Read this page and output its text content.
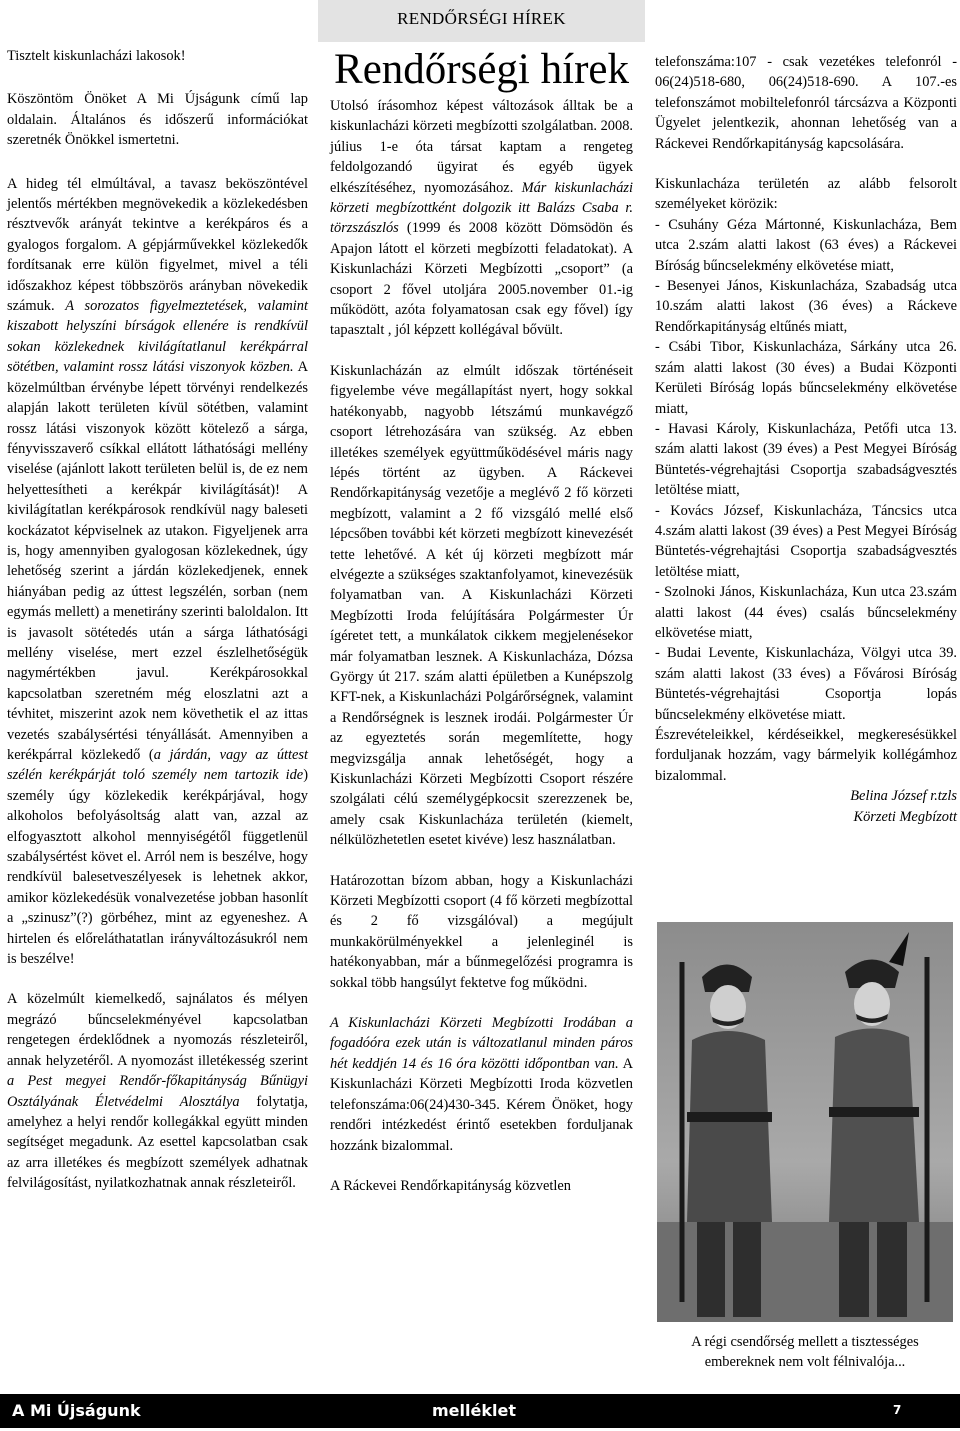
RENDŐRSÉGI HÍREK

Tisztelt kiskunlacházi lakosok!

Köszöntöm Önöket A Mi Újságunk című lap oldalain. Általános és időszerű információkat szeretnék Önökkel ismertetni.

A hideg tél elmúltával, a tavasz beköszöntével jelentős mértékben megnövekedik a közlekedésben résztvevők arányát tekintve a kerékpáros és a gyalogos forgalom. A gépjárművekkel közlekedők fordítsanak erre külön figyelmet, mivel a téli időszakhoz képest többszörös arányban növekedik számuk. A sorozatos figyelmeztetések, valamint kiszabott helyszíni bírságok ellenére is rendkívül sokan közlekednek kivilágítatlanul kerékpárral sötétben, valamint rossz látási viszonyok közben. A közelmúltban érvénybe lépett törvényi rendelkezés alapján lakott területen kívül sötétben, valamint rossz látási viszonyok között kötelező a sárga, fényvisszaverő csíkkal ellátott láthatósági mellény viselése (ajánlott lakott területen belül is, de ez nem helyettesítheti a kerékpár kivilágítását)! A kivilágítatlan kerékpárosok rendkívül nagy baleseti kockázatot képviselnek az utakon. Figyeljenek arra is, hogy amennyiben gyalogosan közlekednek, úgy lehetőség szerint a járdán közlekedjenek, ennek hiányában pedig az úttest legszélén, sorban (nem egymás mellett) a menetirány szerinti baloldalon. Itt is javasolt sötétedés után a sárga láthatósági mellény viselése, mert ezzel észlelhetőségük nagymértékben javul. Kerékpárosokkal kapcsolatban szeretném még eloszlatni azt a tévhitet, miszerint azok nem követhetik el az ittas vezetés szabálysértési tényállását. Amennyiben a kerékpárral közlekedő (a járdán, vagy az úttest szélén kerékpárját toló személy nem tartozik ide) személy úgy közlekedik kerékpárjával, hogy alkoholos befolyásoltság alatt van, azzal az elfogyasztott alkohol mennyiségétől függetlenül szabálysértést követ el. Arról nem is beszélve, hogy rendkívül balesetveszélyesek is lehetnek akkor, amikor közlekedésük vonalvezetése jobban hasonlít a „szinusz”(?) görbéhez, mint az egyeneshez. A hirtelen és előreláthatatlan irányváltozásukról nem is beszélve!

A közelmúlt kiemelkedő, sajnálatos és mélyen megrázó bűncselekményével kapcsolatban rengetegen érdeklődnek a nyomozás részleteiről, annak helyzetéről. A nyomozást illetékesség szerint a Pest megyei Rendőr-főkapitányság Bűnügyi Osztályának Életvédelmi Alosztálya folytatja, amelyhez a helyi rendőr kollegákkal együtt minden segítséget megadunk. Az esettel kapcsolatban csak az arra illetékes és megbízott személyek adhatnak felvilágosítást, nyilatkozhatnak annak részleteiről.

Rendőrségi hírek

Utolsó írásomhoz képest változások álltak be a kiskunlacházi körzeti megbízotti szolgálatban. 2008. július 1-e óta társat kaptam a rengeteg feldolgozandó ügyirat és egyéb ügyek elkészítéséhez, nyomozásához. Már kiskunlacházi körzeti megbízottként dolgozik itt Balázs Csaba r. törzszászlós (1999 és 2008 között Dömsödön és Apajon látott el körzeti megbízotti feladatokat). A Kiskunlacházi Körzeti Megbízotti „csoport” (a csoport 2 fővel utoljára 2005.november 01.-ig működött, azóta folyamatosan csak egy fővel) így tapasztalt , jól képzett kollégával bővült.

Kiskunlacházán az elmúlt időszak történéseit figyelembe véve megállapítást nyert, hogy sokkal hatékonyabb, nagyobb létszámú munkavégző csoport létrehozására van szükség. Az ebben illetékes személyek együttműködésével máris nagy lépés történt az ügyben. A Ráckevei Rendőrkapitányság vezetője a meglévő 2 fő körzeti megbízott, valamint a 2 fő vizsgáló mellé első lépcsőben további két körzeti megbízott kinevezését tette lehetővé. A két új körzeti megbízott már elvégezte a szükséges szaktanfolyamot, kinevezésük folyamatban van. A Kiskunlacházi Körzeti Megbízotti Iroda felújítására Polgármester Úr ígéretet tett, a munkálatok cikkem megjelenésekor már folyamatban lesznek. A Kiskunlacháza, Dózsa György út 217. szám alatti épületben a Kunépszolg KFT-nek, a Kiskunlacházi Polgárőrségnek, valamint a Rendőrségnek is lesznek irodái. Polgármester Úr az egyeztetés során megemlítette, hogy megvizsgálja annak lehetőségét, hogy a Kiskunlacházi Körzeti Megbízotti Csoport részére szolgálati célú személygépkocsit szerezzenek be, amely csak Kiskunlacháza területén (kiemelt, nélkülözhetetlen esetet kivéve) lesz használatban.

Határozottan bízom abban, hogy a Kiskunlacházi Körzeti Megbízotti csoport (4 fő körzeti megbízottal és 2 fő vizsgálóval) a megújult munkakörülményekkel a jelenleginél is hatékonyabban, már a bűnmegelőzési programra is sokkal több hangsúlyt fektetve fog működni.

A Kiskunlacházi Körzeti Megbízotti Irodában a fogadóóra ezek után is változatlanul minden páros hét keddjén 14 és 16 óra közötti időpontban van. A Kiskunlacházi Körzeti Megbízotti Iroda közvetlen telefonszáma:06(24)430-345. Kérem Önöket, hogy rendőri intézkedést érintő esetekben forduljanak hozzánk bizalommal.

A Ráckevei Rendőrkapitányság közvetlen

telefonszáma:107 - csak vezetékes telefonról - 06(24)518-680, 06(24)518-690. A 107.-es telefonszámot mobiltelefonról tárcsázva a Központi Ügyelet jelentkezik, ahonnan lehetőség van a Ráckevei Rendőrkapitányság kapcsolására.

Kiskunlacháza területén az alább felsorolt személyeket körözik:

- Csuhány Géza Mártonné, Kiskunlacháza, Bem utca 2.szám alatti lakost (63 éves) a Ráckevei Bíróság bűncselekmény elkövetése miatt,
- Besenyei János, Kiskunlacháza, Szabadság utca 10.szám alatti lakost (36 éves) a Ráckeve Rendőrkapitányság eltűnés miatt,
- Csábi Tibor, Kiskunlacháza, Sárkány utca 26. szám alatti lakost (30 éves) a Budai Központi Kerületi Bíróság lopás bűncselekmény elkövetése miatt,
- Havasi Károly, Kiskunlacháza, Petőfi utca 13. szám alatti lakost (39 éves) a Pest Megyei Bíróság Büntetés-végrehajtási Csoportja szabadságvesztés letöltése miatt,
- Kovács József, Kiskunlacháza, Táncsics utca 4.szám alatti lakost (39 éves) a Pest Megyei Bíróság Büntetés-végrehajtási Csoportja szabadságvesztés letöltése miatt,
- Szolnoki János, Kiskunlacháza, Kun utca 23.szám alatti lakost (44 éves) csalás bűncselekmény elkövetése miatt,
- Budai Levente, Kiskunlacháza, Völgyi utca 39. szám alatti lakost (33 éves) a Fővárosi Bíróság Büntetés-végrehajtási Csoportja lopás bűncselekmény elkövetése miatt.

Észrevételeikkel, kérdéseikkel, megkeresésükkel forduljanak hozzám, vagy bármelyik kollégámhoz bizalommal.

Belina József r.tzls
Körzeti Megbízott
A régi csendőrség mellett a tisztességes embereknek nem volt félnivalója...
A Mi Újságunk	melléklet	7
